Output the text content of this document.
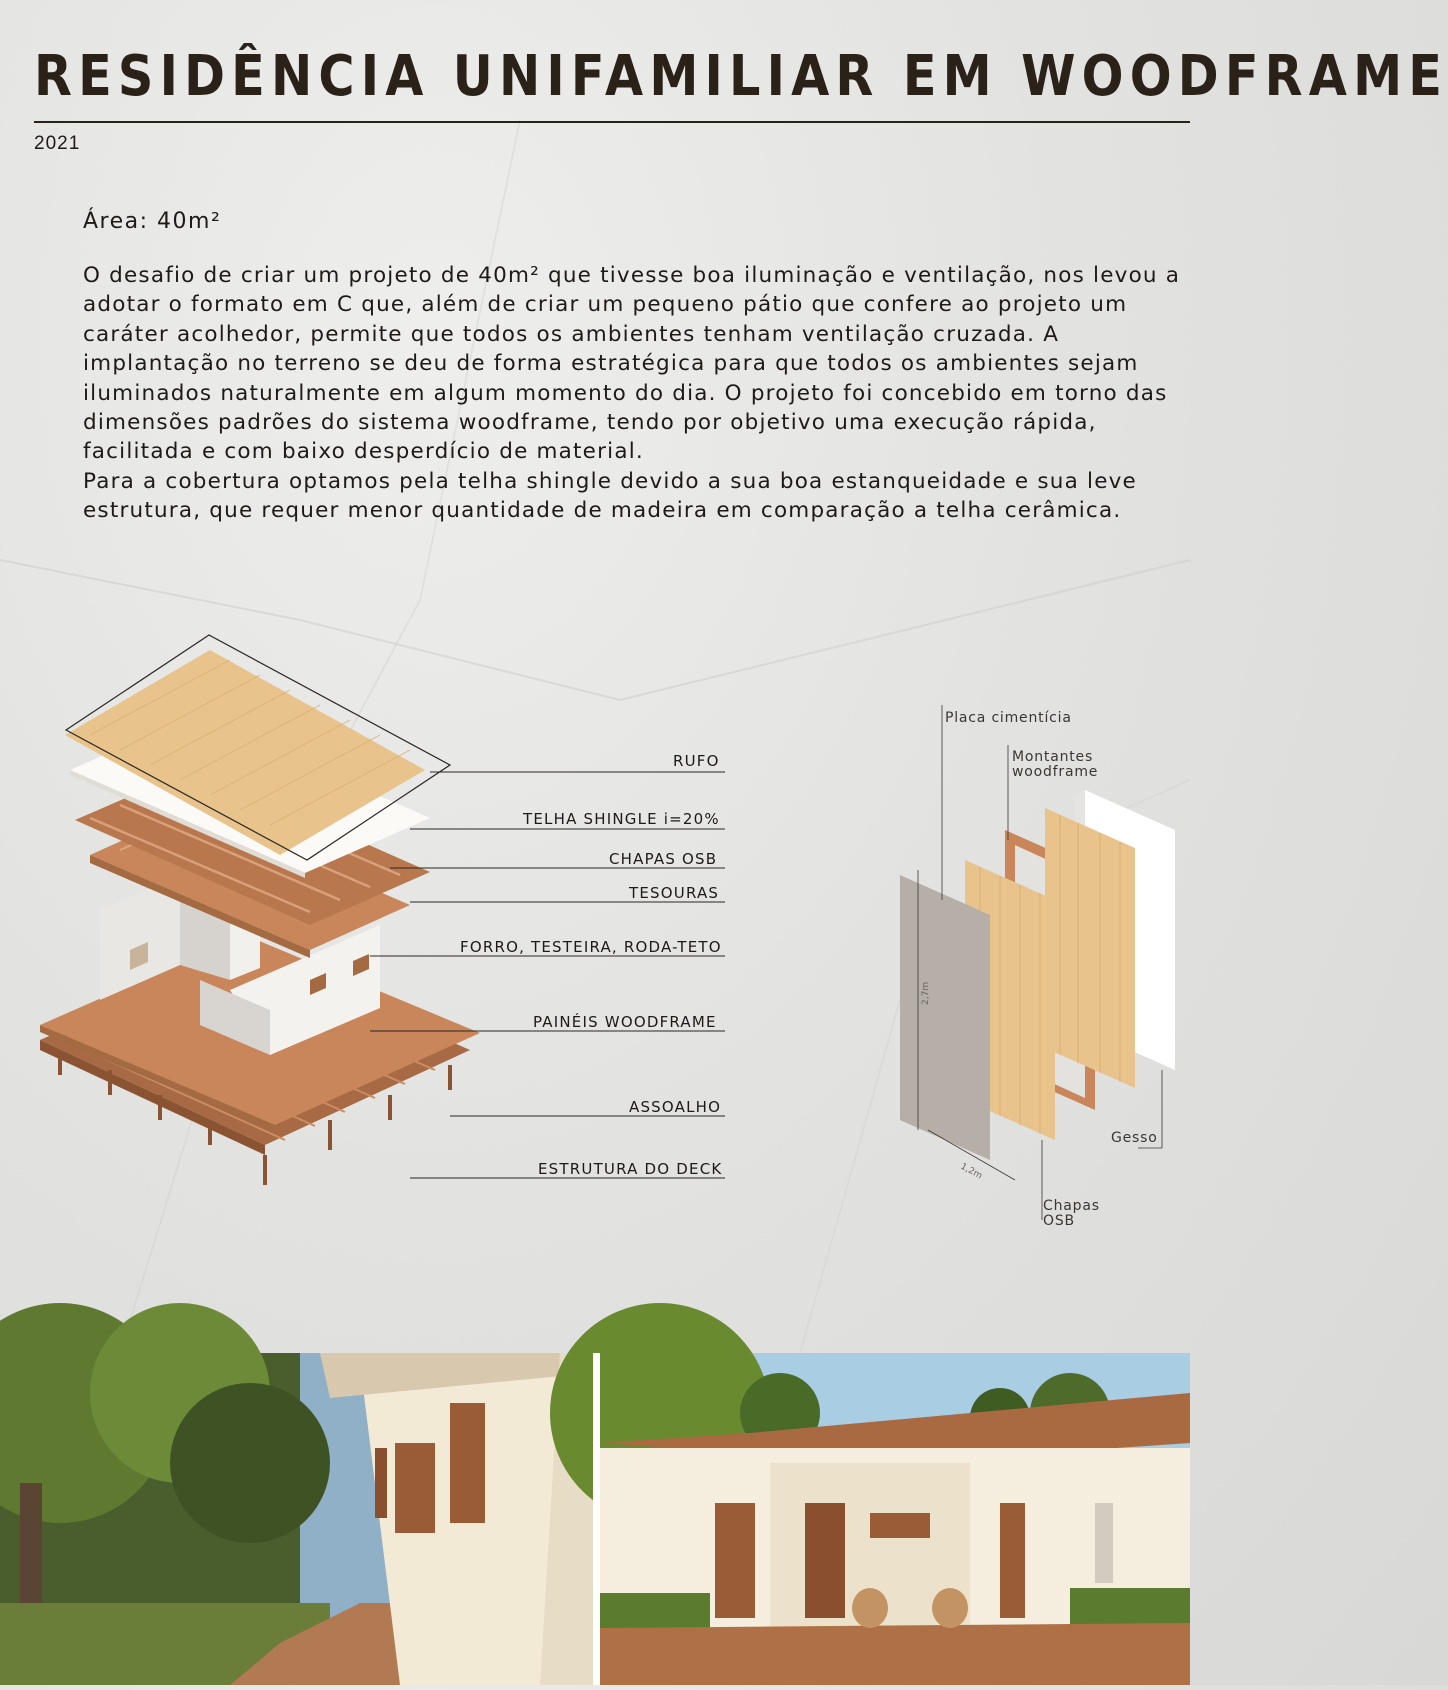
RESIDÊNCIA UNIFAMILIAR EM WOODFRAME
2021
Área: 40m²

O desafio de criar um projeto de 40m² que tivesse boa iluminação e ventilação, nos levou a adotar o formato em C que, além de criar um pequeno pátio que confere ao projeto um caráter acolhedor, permite que todos os ambientes tenham ventilação cruzada. A implantação no terreno se deu de forma estratégica para que todos os ambientes sejam iluminados naturalmente em algum momento do dia. O projeto foi concebido em torno das dimensões padrões do sistema woodframe, tendo por objetivo uma execução rápida, facilitada e com baixo desperdício de material.

Para a cobertura optamos pela telha shingle devido a sua boa estanqueidade e sua leve estrutura, que requer menor quantidade de madeira em comparação a telha cerâmica.

RUFO
TELHA SHINGLE i=20%
CHAPAS OSB
TESOURAS
FORRO, TESTEIRA, RODA-TETO
PAINÉIS WOODFRAME
ASSOALHO
ESTRUTURA DO DECK
2,7m
1,2m
Placa cimentícia
Montantes
woodframe
Gesso
Chapas
OSB
